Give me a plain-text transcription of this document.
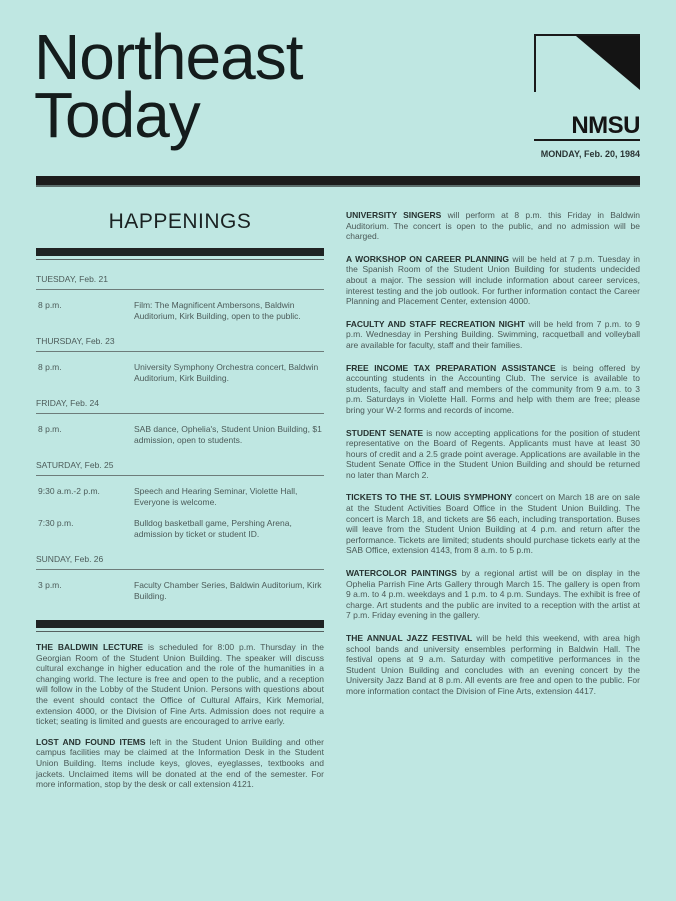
Northeast
Today	NMSU
MONDAY, Feb. 20, 1984
HAPPENINGS
TUESDAY, Feb. 21
8 p.m.	Film: The Magnificent Ambersons, Baldwin Auditorium, Kirk Building, open to the public.
THURSDAY, Feb. 23
8 p.m.	University Symphony Orchestra concert, Baldwin Auditorium, Kirk Building.
FRIDAY, Feb. 24
8 p.m.	SAB dance, Ophelia's, Student Union Building, $1 admission, open to students.
SATURDAY, Feb. 25
9:30 a.m.-2 p.m.	Speech and Hearing Seminar, Violette Hall, Everyone is welcome.
7:30 p.m.	Bulldog basketball game, Pershing Arena, admission by ticket or student ID.
SUNDAY, Feb. 26
3 p.m.	Faculty Chamber Series, Baldwin Auditorium, Kirk Building.

THE BALDWIN LECTURE is scheduled for 8:00 p.m. Thursday in the Georgian Room of the Student Union Building. The speaker will discuss cultural exchange in higher education and the role of the humanities in a changing world. The lecture is free and open to the public, and a reception will follow in the Lobby of the Student Union. Persons with questions about the event should contact the Office of Cultural Affairs, Kirk Memorial, extension 4000, or the Division of Fine Arts. Admission does not require a ticket; seating is limited and guests are encouraged to arrive early.

LOST AND FOUND ITEMS left in the Student Union Building and other campus facilities may be claimed at the Information Desk in the Student Union Building. Items include keys, gloves, eyeglasses, textbooks and jackets. Unclaimed items will be donated at the end of the semester. For more information, stop by the desk or call extension 4121.

UNIVERSITY SINGERS will perform at 8 p.m. this Friday in Baldwin Auditorium. The concert is open to the public, and no admission will be charged.

A WORKSHOP ON CAREER PLANNING will be held at 7 p.m. Tuesday in the Spanish Room of the Student Union Building for students undecided about a major. The session will include information about career services, interest testing and the job outlook. For further information contact the Career Planning and Placement Center, extension 4000.

FACULTY AND STAFF RECREATION NIGHT will be held from 7 p.m. to 9 p.m. Wednesday in Pershing Building. Swimming, racquetball and volleyball are available for faculty, staff and their families.

FREE INCOME TAX PREPARATION ASSISTANCE is being offered by accounting students in the Accounting Club. The service is available to students, faculty and staff and members of the community from 9 a.m. to 3 p.m. Saturdays in Violette Hall. Forms and help with them are free; please bring your W-2 forms and records of income.

STUDENT SENATE is now accepting applications for the position of student representative on the Board of Regents. Applicants must have at least 30 hours of credit and a 2.5 grade point average. Applications are available in the Student Senate Office in the Student Union Building and should be returned no later than March 2.

TICKETS TO THE ST. LOUIS SYMPHONY concert on March 18 are on sale at the Student Activities Board Office in the Student Union Building. The concert is March 18, and tickets are $6 each, including transportation. Buses will leave from the Student Union Building at 4 p.m. and return after the performance. Tickets are limited; students should purchase tickets early at the SAB Office, extension 4143, from 8 a.m. to 5 p.m.

WATERCOLOR PAINTINGS by a regional artist will be on display in the Ophelia Parrish Fine Arts Gallery through March 15. The gallery is open from 9 a.m. to 4 p.m. weekdays and 1 p.m. to 4 p.m. Sundays. The exhibit is free of charge. Art students and the public are invited to a reception with the artist at 7 p.m. Friday evening in the gallery.

THE ANNUAL JAZZ FESTIVAL will be held this weekend, with area high school bands and university ensembles performing in Baldwin Hall. The festival opens at 9 a.m. Saturday with competitive performances in the Student Union Building and concludes with an evening concert by the University Jazz Band at 8 p.m. All events are free and open to the public. For more information contact the Division of Fine Arts, extension 4417.
